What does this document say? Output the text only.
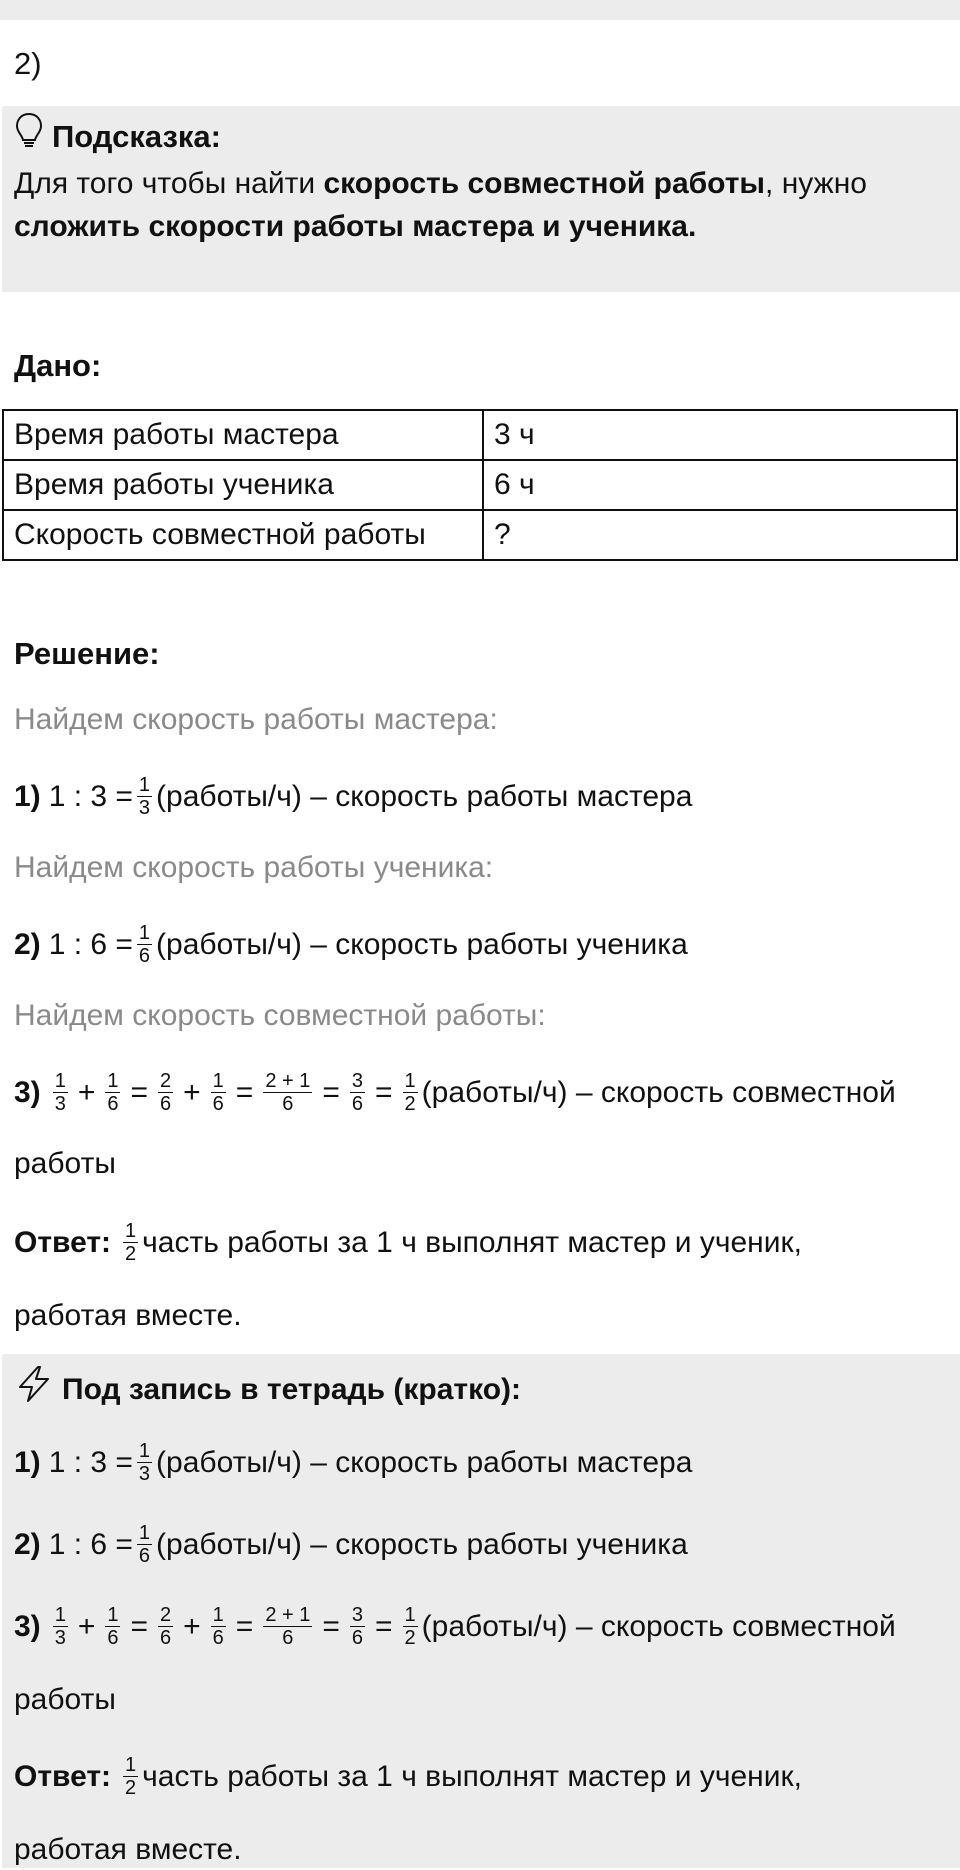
2)
Подсказка:
Для того чтобы найти скорость совместной работы, нужно
сложить скорости работы мастера и ученика.
Дано:
Время работы мастера	3 ч
Время работы ученика	6 ч
Скорость совместной работы	?
Решение:
Найдем скорость работы мастера:
1) 1 : $3 = \frac{1}{3}$ (работы/ч) – скорость работы мастера
Найдем скорость работы ученика:
2) 1 : $6 = \frac{1}{6}$ (работы/ч) – скорость работы ученика
Найдем скорость совместной работы:
$3) \frac{1}{3} + \frac{1}{6} = \frac{2}{6} + \frac{1}{6} = \frac{2 + 1}{6} = \frac{3}{6} = \frac{1}{2}$ (работы/ч) – скорость совместной
работы
Ответ: $\frac{1}{2}$ часть работы за 1 ч выполнят мастер и ученик,
работая вместе.
Под запись в тетрадь (кратко):
1) 1 : $3 = \frac{1}{3}$ (работы/ч) – скорость работы мастера
2) 1 : $6 = \frac{1}{6}$ (работы/ч) – скорость работы ученика
$3) \frac{1}{3} + \frac{1}{6} = \frac{2}{6} + \frac{1}{6} = \frac{2 + 1}{6} = \frac{3}{6} = \frac{1}{2}$ (работы/ч) – скорость совместной
работы
Ответ: $\frac{1}{2}$ часть работы за 1 ч выполнят мастер и ученик,
работая вместе.
